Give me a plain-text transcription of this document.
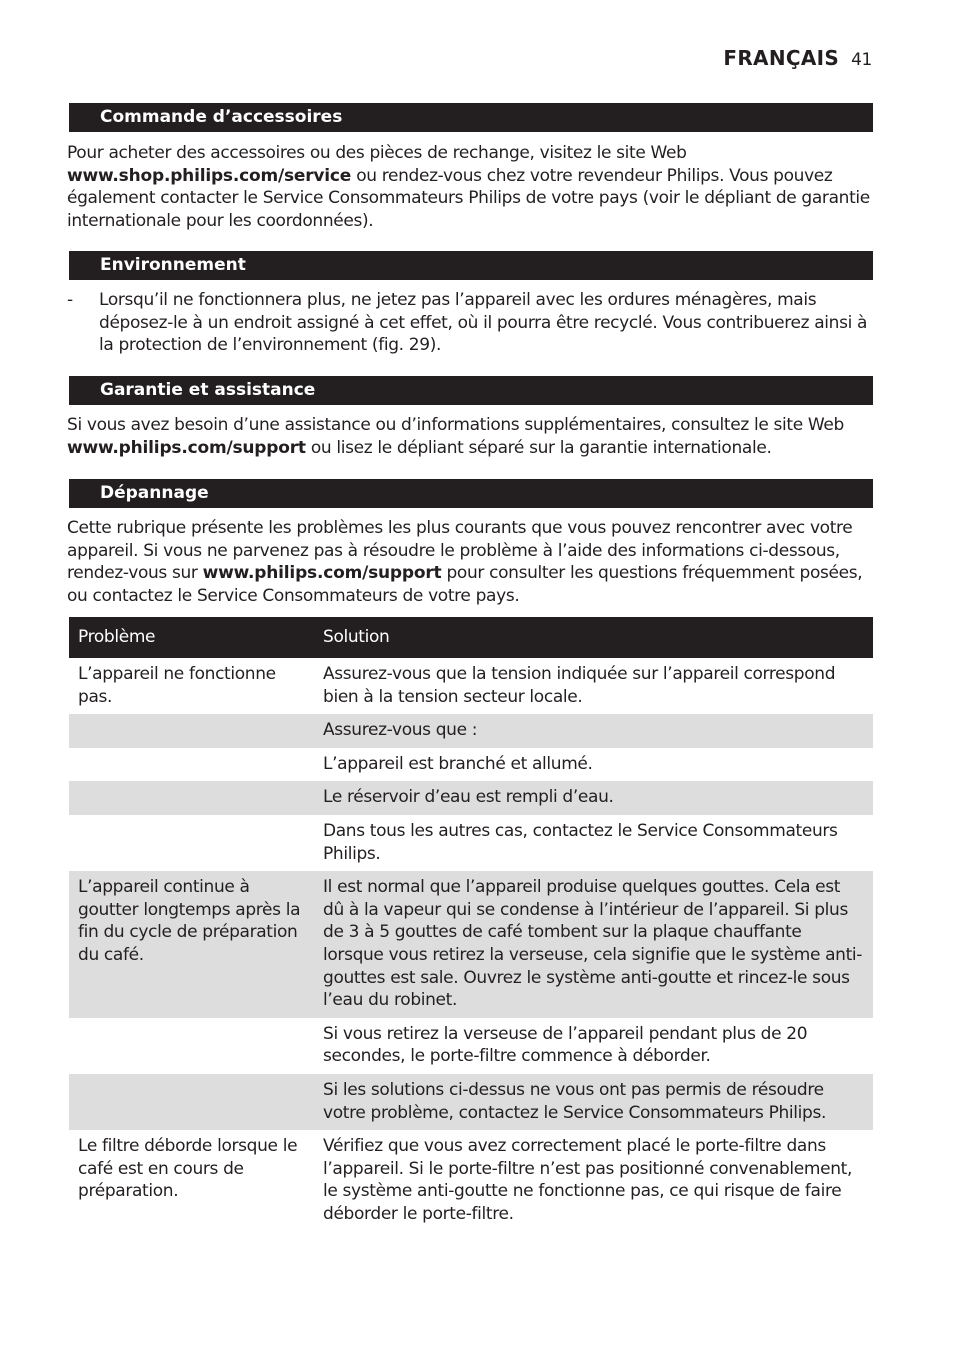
FRANÇAIS 41
Commande d’accessoires

Pour acheter des accessoires ou des pièces de rechange, visitez le site Web
www.shop.philips.com/service ou rendez-vous chez votre revendeur Philips. Vous pouvez également contacter le Service Consommateurs Philips de votre pays (voir le dépliant de garantie internationale pour les coordonnées).

Environnement
- Lorsqu’il ne fonctionnera plus, ne jetez pas l’appareil avec les ordures ménagères, mais déposez-le à un endroit assigné à cet effet, où il pourra être recyclé. Vous contribuerez ainsi à la protection de l’environnement (fig. 29).

Garantie et assistance

Si vous avez besoin d’une assistance ou d’informations supplémentaires, consultez le site Web
www.philips.com/support ou lisez le dépliant séparé sur la garantie internationale.

Dépannage

Cette rubrique présente les problèmes les plus courants que vous pouvez rencontrer avec votre appareil. Si vous ne parvenez pas à résoudre le problème à l’aide des informations ci-dessous, rendez-vous sur www.philips.com/support pour consulter les questions fréquemment posées, ou contactez le Service Consommateurs de votre pays.

Problème	Solution
L’appareil ne fonctionne pas.	Assurez-vous que la tension indiquée sur l’appareil correspond bien à la tension secteur locale.
	Assurez-vous que :
	L’appareil est branché et allumé.
	Le réservoir d’eau est rempli d’eau.
	Dans tous les autres cas, contactez le Service Consommateurs Philips.
L’appareil continue à goutter longtemps après la fin du cycle de préparation du café.	Il est normal que l’appareil produise quelques gouttes. Cela est dû à la vapeur qui se condense à l’intérieur de l’appareil. Si plus de 3 à 5 gouttes de café tombent sur la plaque chauffante lorsque vous retirez la verseuse, cela signifie que le système anti-gouttes est sale. Ouvrez le système anti-goutte et rincez-le sous l’eau du robinet.
	Si vous retirez la verseuse de l’appareil pendant plus de 20 secondes, le porte-filtre commence à déborder.
	Si les solutions ci-dessus ne vous ont pas permis de résoudre votre problème, contactez le Service Consommateurs Philips.
Le filtre déborde lorsque le café est en cours de préparation.	Vérifiez que vous avez correctement placé le porte-filtre dans l’appareil. Si le porte-filtre n’est pas positionné convenablement, le système anti-goutte ne fonctionne pas, ce qui risque de faire déborder le porte-filtre.
